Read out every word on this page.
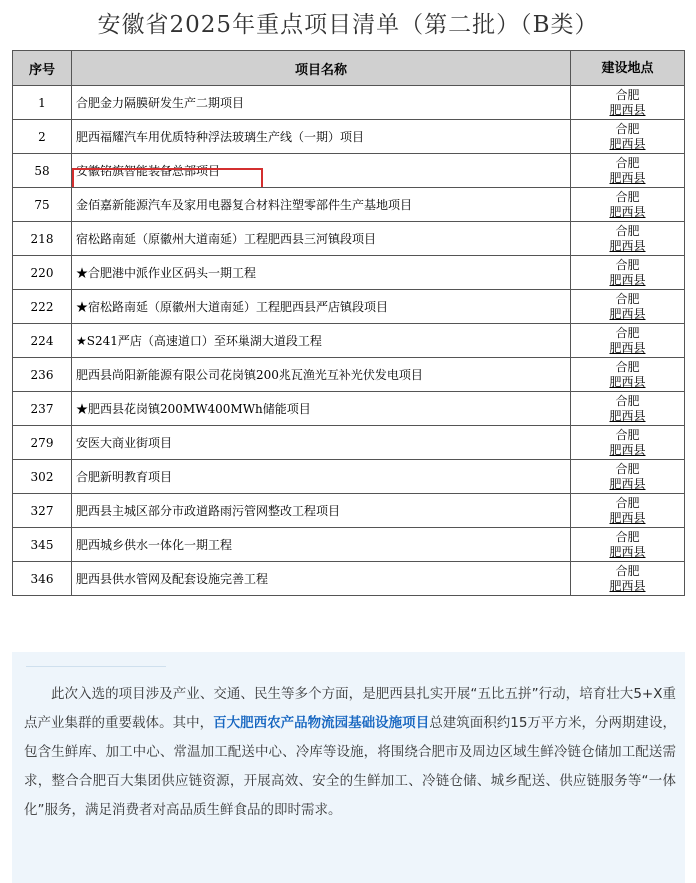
安徽省2025年重点项目清单（第二批）（B类）
序号	项目名称	建设地点
1	合肥金力隔膜研发生产二期项目	合肥
肥西县

2	肥西福耀汽车用优质特种浮法玻璃生产线（一期）项目	合肥
肥西县

58	安徽铭旗智能装备总部项目	合肥
肥西县

75	金佰嘉新能源汽车及家用电器复合材料注塑零部件生产基地项目	合肥
肥西县

218	宿松路南延（原徽州大道南延）工程肥西县三河镇段项目	合肥
肥西县

220	★合肥港中派作业区码头一期工程	合肥
肥西县

222	★宿松路南延（原徽州大道南延）工程肥西县严店镇段项目	合肥
肥西县

224	★S241严店（高速道口）至环巢湖大道段工程	合肥
肥西县

236	肥西县尚阳新能源有限公司花岗镇200兆瓦渔光互补光伏发电项目	合肥
肥西县

237	★肥西县花岗镇200MW400MWh储能项目	合肥
肥西县

279	安医大商业街项目	合肥
肥西县

302	合肥新明教育项目	合肥
肥西县

327	肥西县主城区部分市政道路雨污管网整改工程项目	合肥
肥西县

345	肥西城乡供水一体化一期工程	合肥
肥西县

346	肥西县供水管网及配套设施完善工程	合肥
肥西县
此次入选的项目涉及产业、交通、民生等多个方面，是肥西县扎实开展“五比五拼”行动，培育壮大5+X重点产业集群的重要载体。其中，百大肥西农产品物流园基础设施项目总建筑面积约15万平方米，分两期建设，包含生鲜库、加工中心、常温加工配送中心、冷库等设施，将围绕合肥市及周边区域生鲜冷链仓储加工配送需求，整合合肥百大集团供应链资源，开展高效、安全的生鲜加工、冷链仓储、城乡配送、供应链服务等“一体化”服务，满足消费者对高品质生鲜食品的即时需求。
